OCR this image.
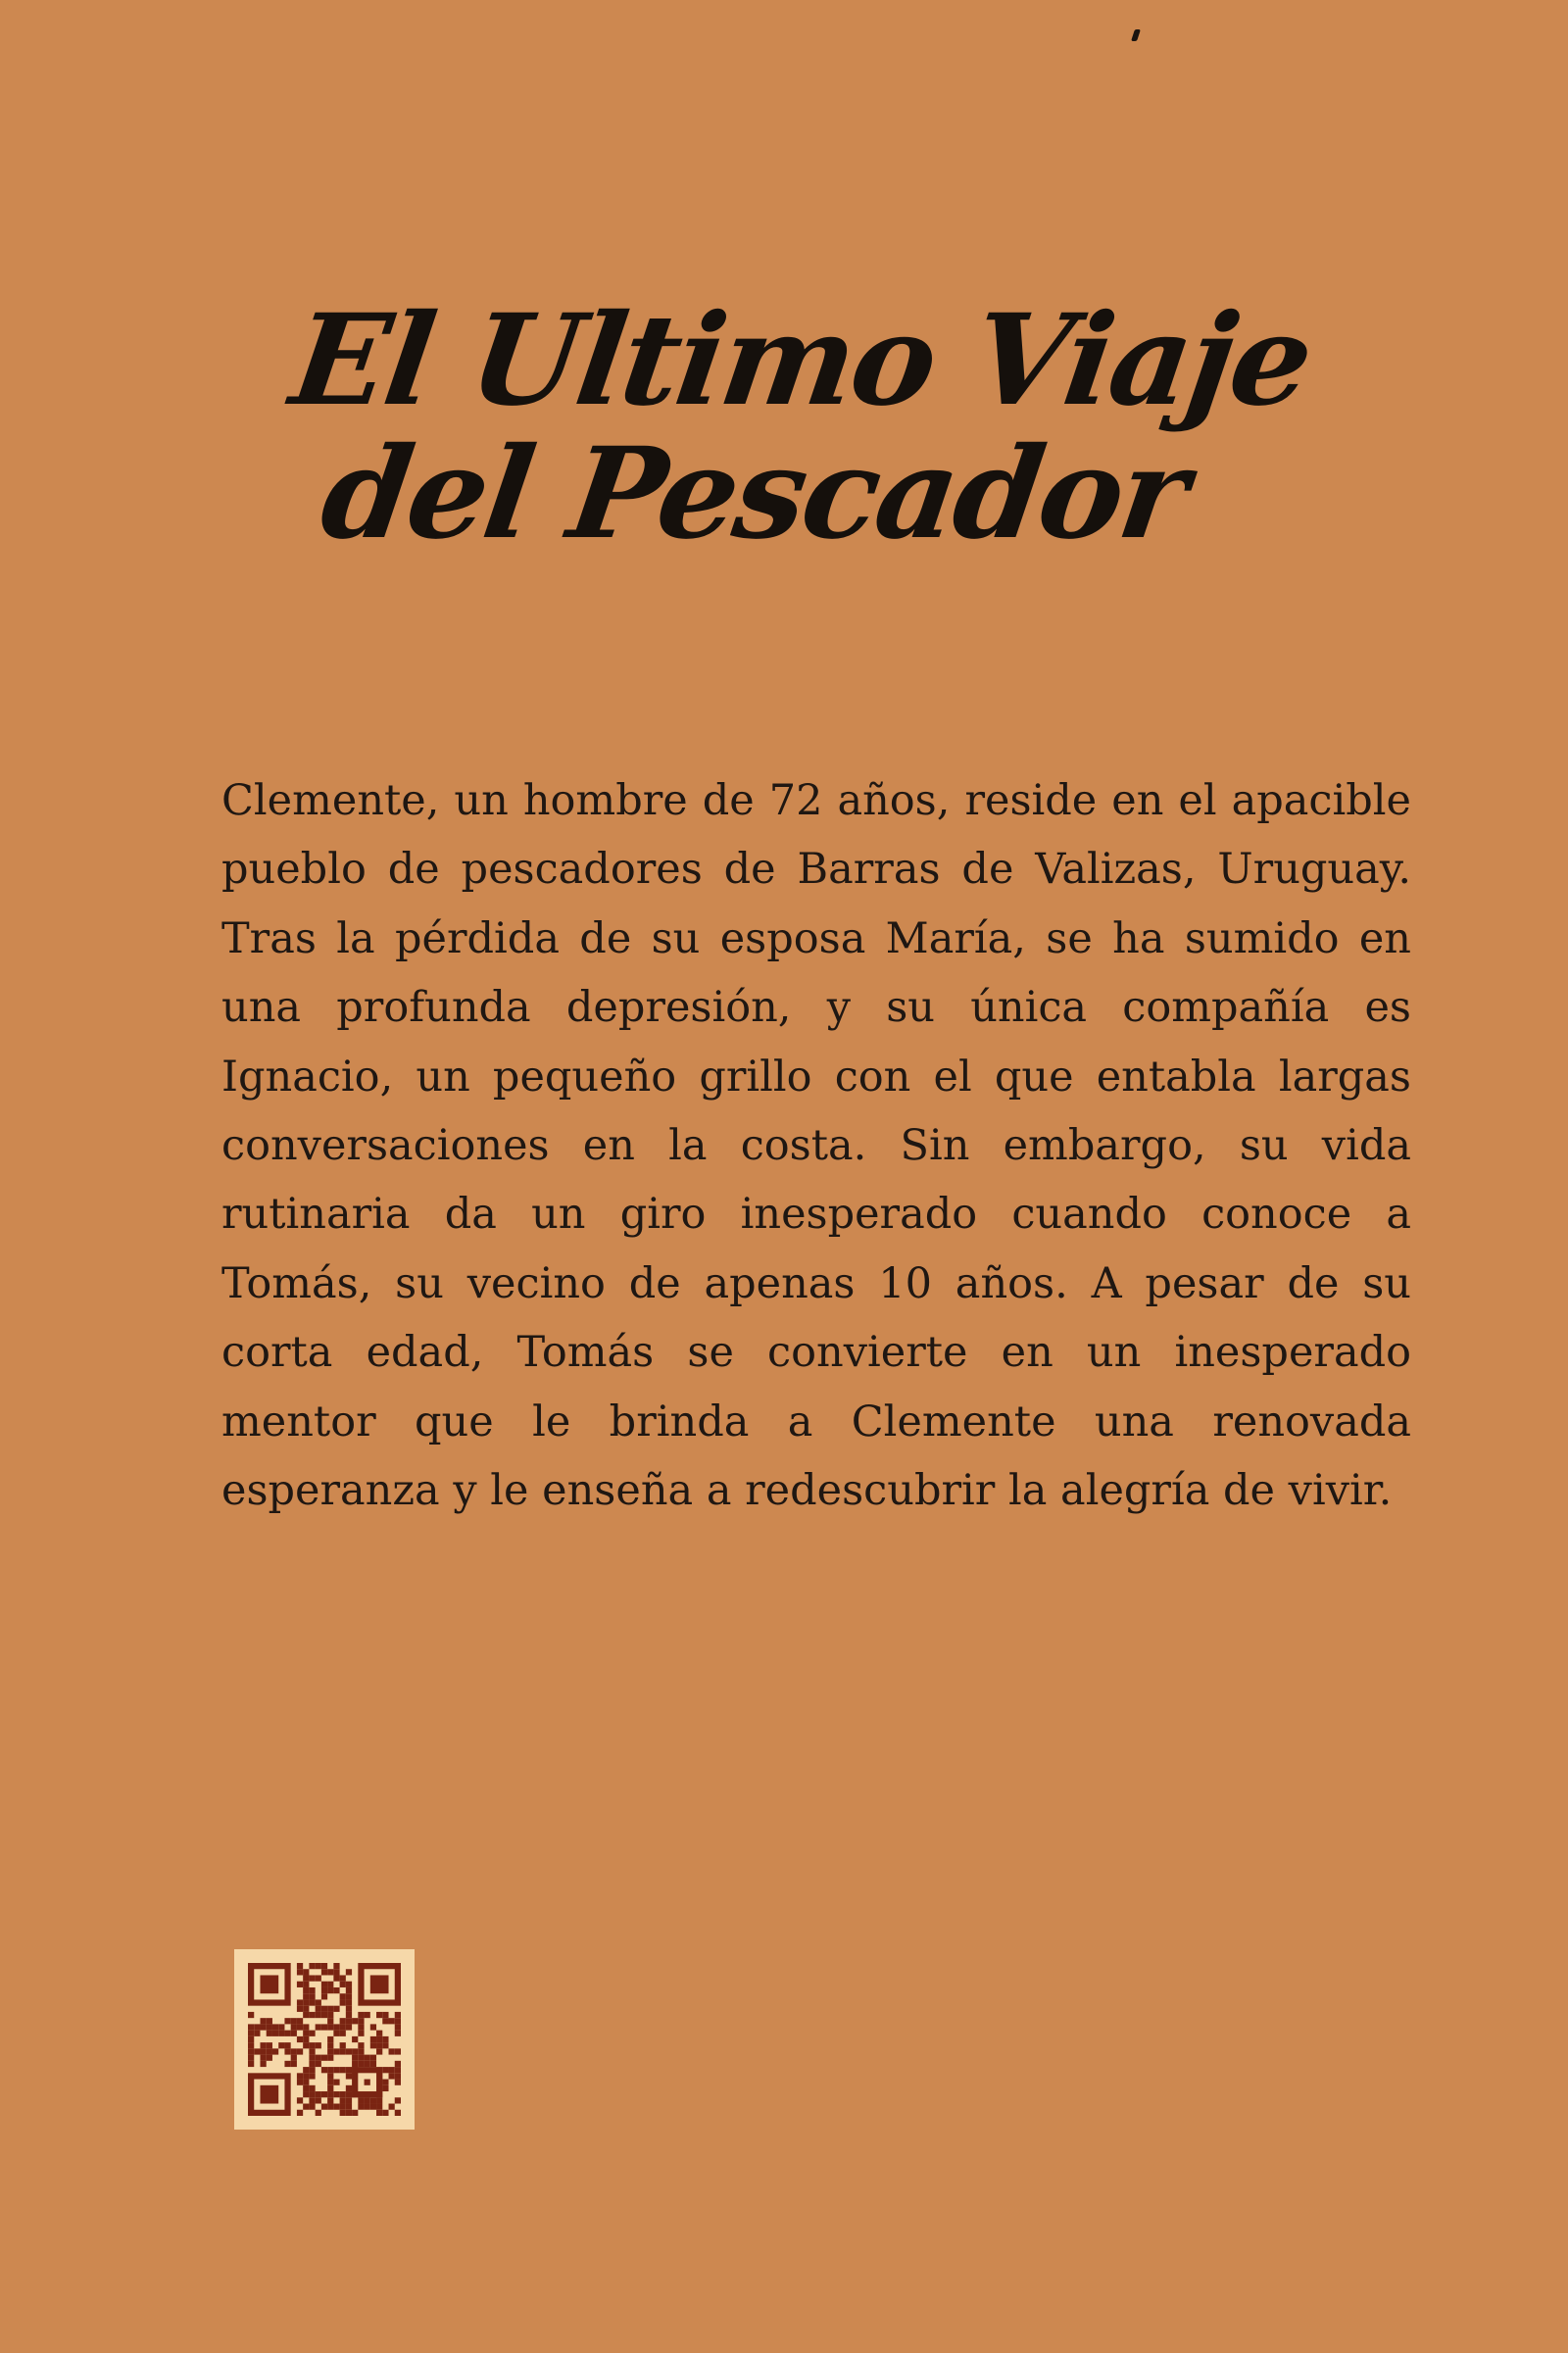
El Ultimo Viaje
del Pescador

Clemente, un hombre de 72 años, reside en el apacible pueblo de pescadores de Barras de Valizas, Uruguay. Tras la pérdida de su esposa María, se ha sumido en una profunda depresión, y su única compañía es Ignacio, un pequeño grillo con el que entabla largas conversaciones en la costa. Sin embargo, su vida rutinaria da un giro inesperado cuando conoce a Tomás, su vecino de apenas 10 años. A pesar de su corta edad, Tomás se convierte en un inesperado mentor que le brinda a Clemente una renovada esperanza y le enseña a redescubrir la alegría de vivir.
